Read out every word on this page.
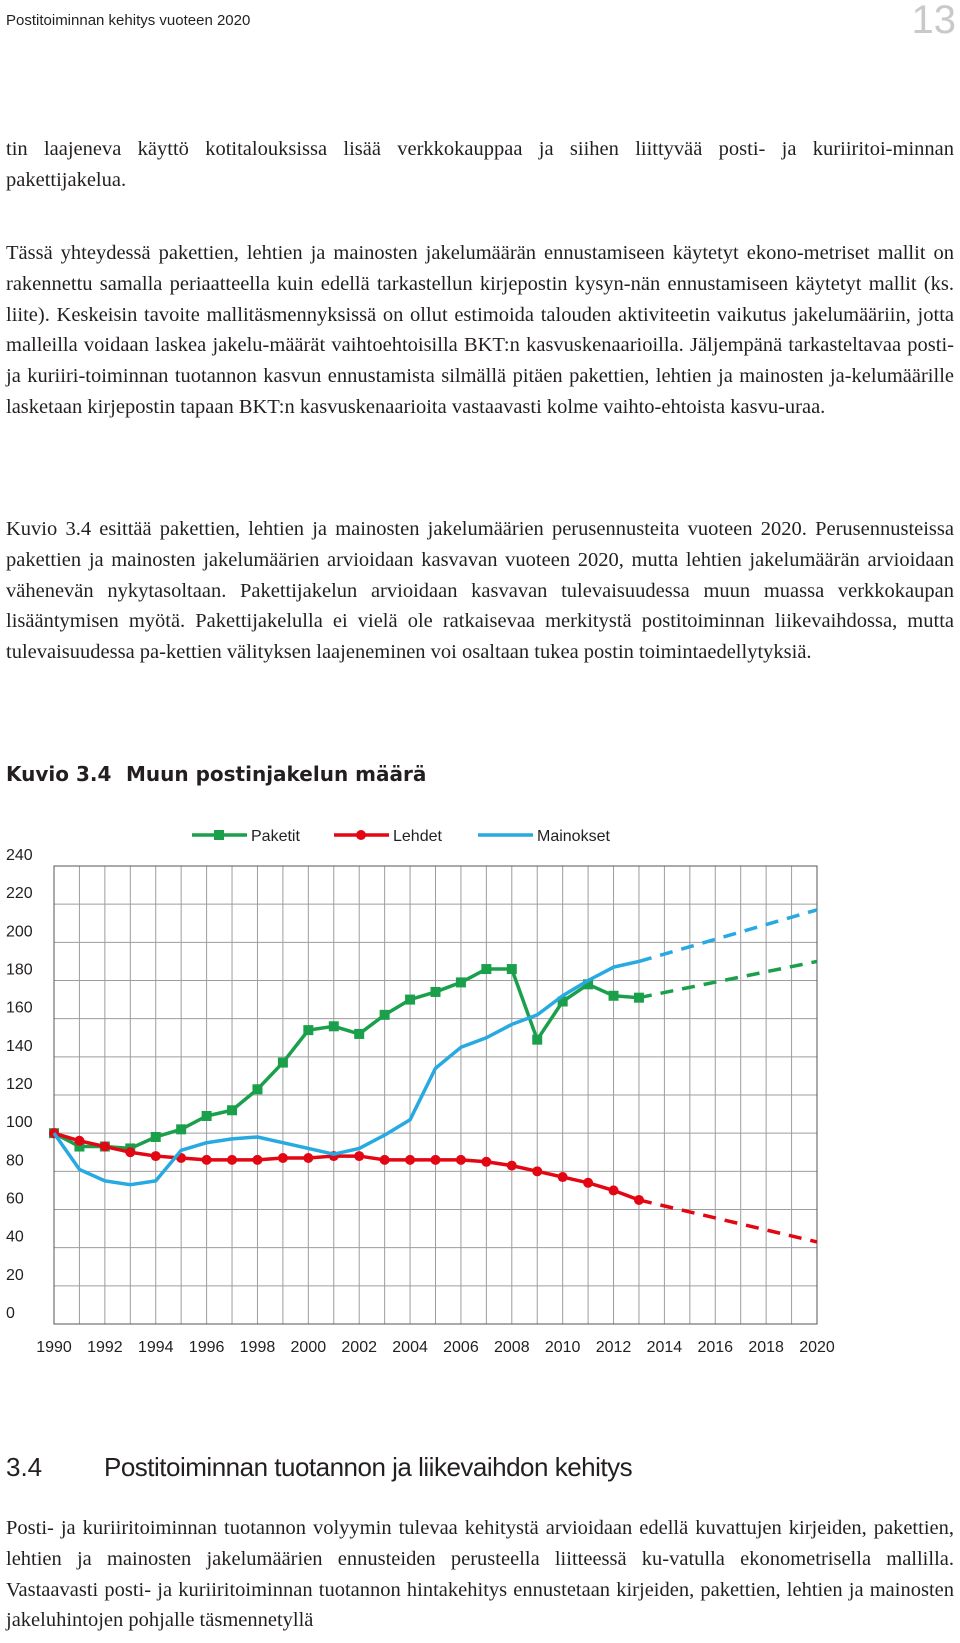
Postitoiminnan kehitys vuoteen 2020	13

tin laajeneva käyttö kotitalouksissa lisää verkkokauppaa ja siihen liittyvää posti- ja kuriiritoi-minnan pakettijakelua.

Tässä yhteydessä pakettien, lehtien ja mainosten jakelumäärän ennustamiseen käytetyt ekono-metriset mallit on rakennettu samalla periaatteella kuin edellä tarkastellun kirjepostin kysyn-nän ennustamiseen käytetyt mallit (ks. liite). Keskeisin tavoite mallitäsmennyksissä on ollut estimoida talouden aktiviteetin vaikutus jakelumääriin, jotta malleilla voidaan laskea jakelu-määrät vaihtoehtoisilla BKT:n kasvuskenaarioilla. Jäljempänä tarkasteltavaa posti- ja kuriiri-toiminnan tuotannon kasvun ennustamista silmällä pitäen pakettien, lehtien ja mainosten ja-kelumäärille lasketaan kirjepostin tapaan BKT:n kasvuskenaarioita vastaavasti kolme vaihto-ehtoista kasvu-uraa.

Kuvio 3.4 esittää pakettien, lehtien ja mainosten jakelumäärien perusennusteita vuoteen 2020. Perusennusteissa pakettien ja mainosten jakelumäärien arvioidaan kasvavan vuoteen 2020, mutta lehtien jakelumäärän arvioidaan vähenevän nykytasoltaan. Pakettijakelun arvioidaan kasvavan tulevaisuudessa muun muassa verkkokaupan lisääntymisen myötä. Pakettijakelulla ei vielä ole ratkaisevaa merkitystä postitoiminnan liikevaihdossa, mutta tulevaisuudessa pa-kettien välityksen laajeneminen voi osaltaan tukea postin toimintaedellytyksiä.

Kuvio 3.4 Muun postinjakelun määrä
0
20
40
60
80
100
120
140
160
180
200
220
240
1990 1992 1994 1996 1998 2000 2002 2004 2006 2008 2010 2012 2014 2016 2018 2020
Paketit	Lehdet	Mainokset
3.4 Postitoiminnan tuotannon ja liikevaihdon kehitys

Posti- ja kuriiritoiminnan tuotannon volyymin tulevaa kehitystä arvioidaan edellä kuvattujen kirjeiden, pakettien, lehtien ja mainosten jakelumäärien ennusteiden perusteella liitteessä ku-vatulla ekonometrisella mallilla. Vastaavasti posti- ja kuriiritoiminnan tuotannon hintakehitys ennustetaan kirjeiden, pakettien, lehtien ja mainosten jakeluhintojen pohjalle täsmennetyllä
